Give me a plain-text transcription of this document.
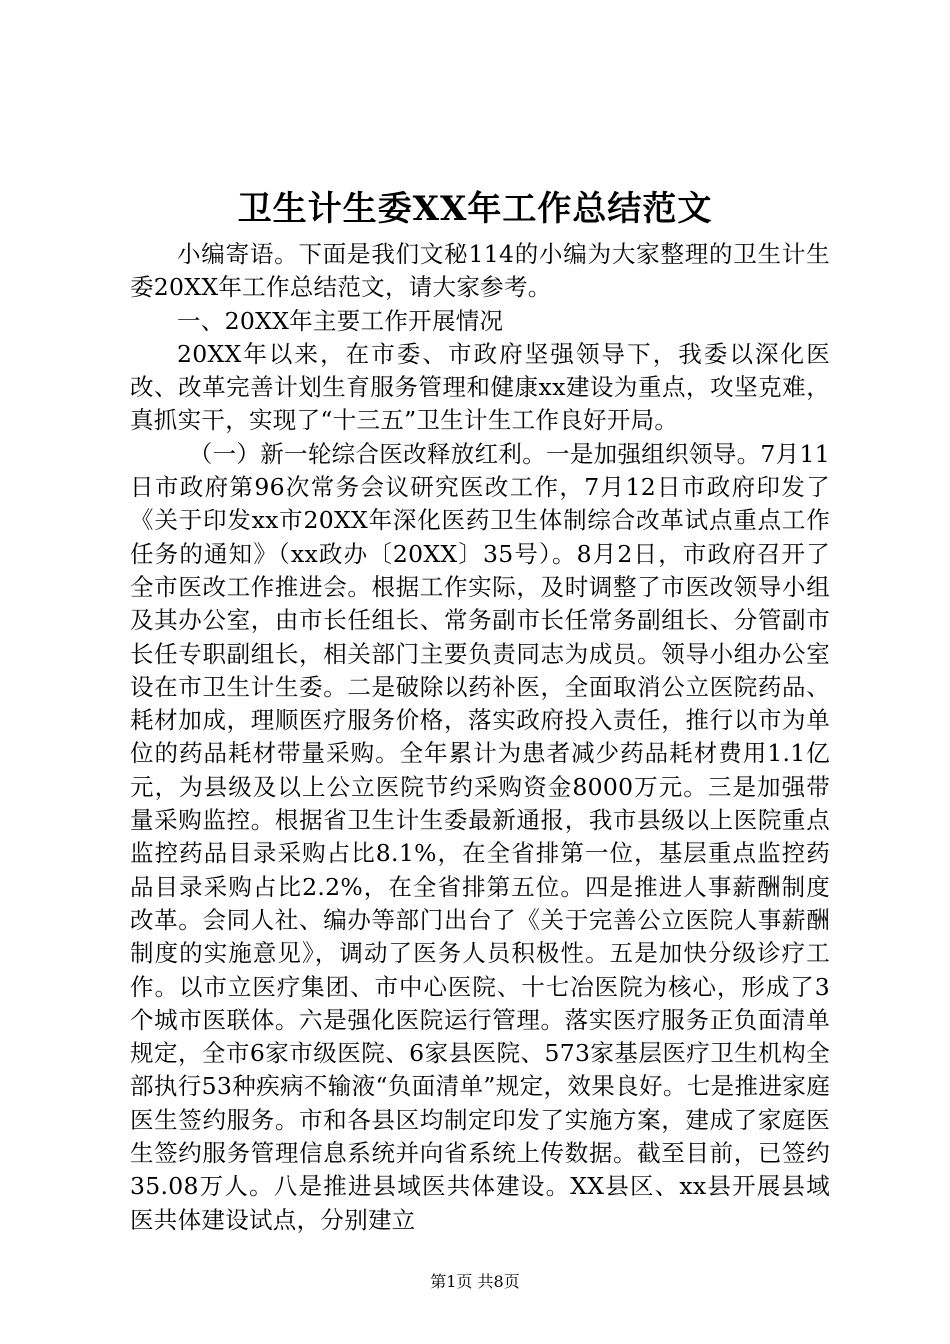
卫生计生委XX年工作总结范文

小编寄语。下面是我们文秘114的小编为大家整理的卫生计生委20XX年工作总结范文，请大家参考。

一、20XX年主要工作开展情况

20XX年以来，在市委、市政府坚强领导下，我委以深化医改、改革完善计划生育服务管理和健康xx建设为重点，攻坚克难，真抓实干，实现了“十三五”卫生计生工作良好开局。

（一）新一轮综合医改释放红利。一是加强组织领导。7月11日市政府第96次常务会议研究医改工作，7月12日市政府印发了《关于印发xx市20XX年深化医药卫生体制综合改革试点重点工作任务的通知》（xx政办〔20XX〕35号）。8月2日，市政府召开了全市医改工作推进会。根据工作实际，及时调整了市医改领导小组及其办公室，由市长任组长、常务副市长任常务副组长、分管副市长任专职副组长，相关部门主要负责同志为成员。领导小组办公室设在市卫生计生委。二是破除以药补医，全面取消公立医院药品、耗材加成，理顺医疗服务价格，落实政府投入责任，推行以市为单位的药品耗材带量采购。全年累计为患者减少药品耗材费用1.1亿元，为县级及以上公立医院节约采购资金8000万元。三是加强带量采购监控。根据省卫生计生委最新通报，我市县级以上医院重点监控药品目录采购占比8.1%，在全省排第一位，基层重点监控药品目录采购占比2.2%，在全省排第五位。四是推进人事薪酬制度改革。会同人社、编办等部门出台了《关于完善公立医院人事薪酬制度的实施意见》，调动了医务人员积极性。五是加快分级诊疗工作。以市立医疗集团、市中心医院、十七冶医院为核心，形成了3个城市医联体。六是强化医院运行管理。落实医疗服务正负面清单规定，全市6家市级医院、6家县医院、573家基层医疗卫生机构全部执行53种疾病不输液“负面清单”规定，效果良好。七是推进家庭医生签约服务。市和各县区均制定印发了实施方案，建成了家庭医生签约服务管理信息系统并向省系统上传数据。截至目前，已签约35.08万人。八是推进县域医共体建设。XX县区、xx县开展县域医共体建设试点，分别建立

第1页 共8页
